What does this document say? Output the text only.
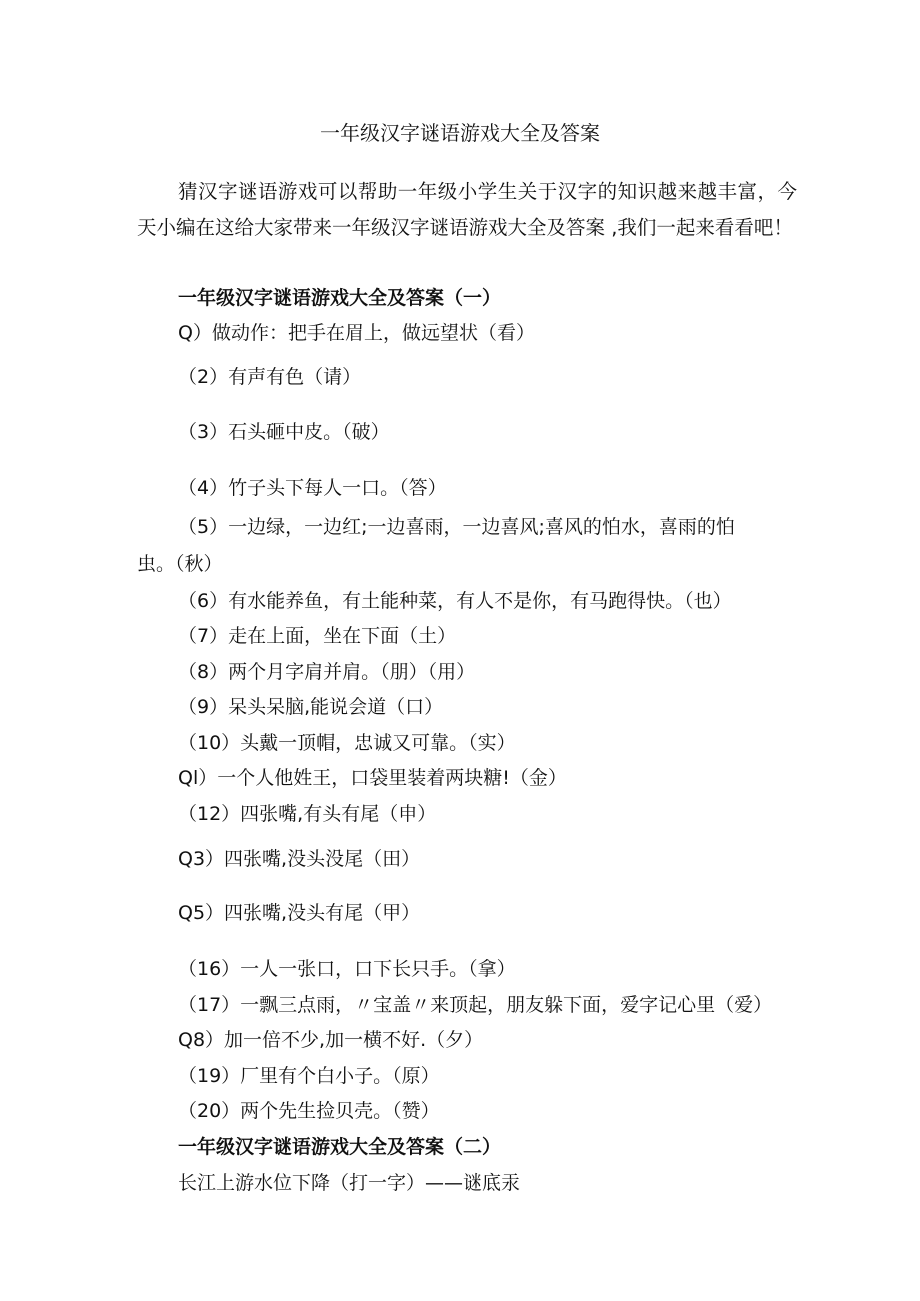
一年级汉字谜语游戏大全及答案
猜汉字谜语游戏可以帮助一年级小学生关于汉字的知识越来越丰富，今天小编在这给大家带来一年级汉字谜语游戏大全及答案 ,我们一起来看看吧！
一年级汉字谜语游戏大全及答案（一）
Q）做动作：把手在眉上，做远望状（看）
（2）有声有色（请）
（3）石头砸中皮。（破）
（4）竹子头下每人一口。（答）
（5）一边绿，一边红;一边喜雨，一边喜风;喜风的怕水，喜雨的怕
虫。（秋）
（6）有水能养鱼，有土能种菜，有人不是你，有马跑得快。（也）
（7）走在上面，坐在下面（土）
（8）两个月字肩并肩。（朋）（用）
（9）呆头呆脑,能说会道（口）
（10）头戴一顶帽，忠诚又可靠。（实）
Ql）一个人他姓王，口袋里装着两块糖!（金）
（12）四张嘴,有头有尾（申）
Q3）四张嘴,没头没尾（田）
Q5）四张嘴,没头有尾（甲）
（16）一人一张口，口下长只手。（拿）
（17）一飘三点雨，〃宝盖〃来顶起，朋友躲下面，爱字记心里（爱）
Q8）加一倍不少,加一横不好.（夕）
（19）厂里有个白小子。（原）
（20）两个先生捡贝壳。（赞）
一年级汉字谜语游戏大全及答案（二）
长江上游水位下降（打一字）——谜底汞
